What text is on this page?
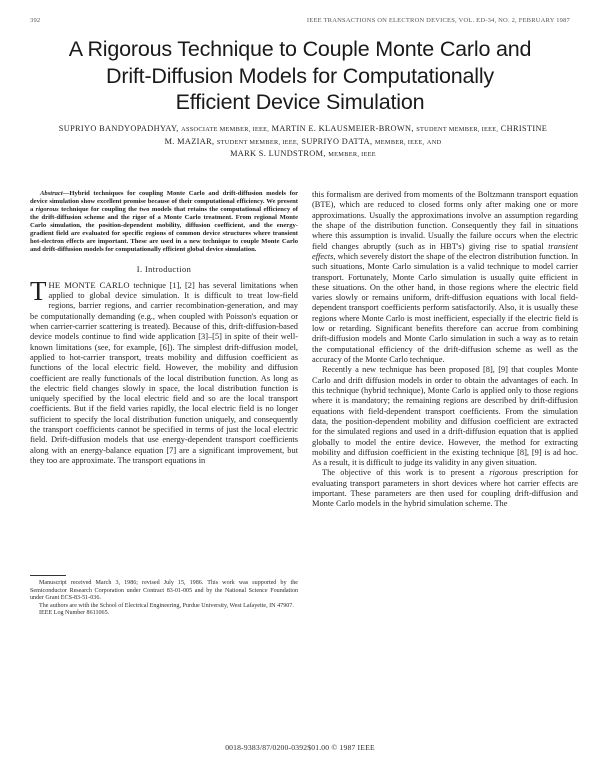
392	IEEE TRANSACTIONS ON ELECTRON DEVICES, VOL. ED-34, NO. 2, FEBRUARY 1987
A Rigorous Technique to Couple Monte Carlo and
Drift-Diffusion Models for Computationally
Efficient Device Simulation
SUPRIYO BANDYOPADHYAY, ASSOCIATE MEMBER, IEEE, MARTIN E. KLAUSMEIER-BROWN, STUDENT MEMBER, IEEE, CHRISTINE M. MAZIAR, STUDENT MEMBER, IEEE, SUPRIYO DATTA, MEMBER, IEEE, AND
MARK S. LUNDSTROM, MEMBER, IEEE

Abstract—Hybrid techniques for coupling Monte Carlo and drift-diffusion models for device simulation show excellent promise because of their computational efficiency. We present a rigorous technique for coupling the two models that retains the computational efficiency of the drift-diffusion scheme and the rigor of a Monte Carlo treatment. From regional Monte Carlo simulation, the position-dependent mobility, diffusion coefficient, and the energy-gradient field are evaluated for specific regions of common device structures where transient hot-electron effects are important. These are used in a new technique to couple Monte Carlo and drift-diffusion models for computationally efficient global device simulation.

I. Introduction

THE MONTE CARLO technique [1], [2] has several limitations when applied to global device simulation. It is difficult to treat low-field regions, barrier regions, and carrier recombination-generation, and may be computationally demanding (e.g., when coupled with Poisson's equation or when carrier-carrier scattering is treated). Because of this, drift-diffusion-based device models continue to find wide application [3]–[5] in spite of their well-known limitations (see, for example, [6]). The simplest drift-diffusion model, applied to hot-carrier transport, treats mobility and diffusion coefficient as functions of the local electric field. However, the mobility and diffusion coefficient are really functionals of the local distribution function. As long as the electric field changes slowly in space, the local distribution function is uniquely specified by the local electric field and so are the local transport coefficients. But if the field varies rapidly, the local electric field is no longer sufficient to specify the local distribution function uniquely, and consequently the transport coefficients cannot be specified in terms of just the local electric field. Drift-diffusion models that use energy-dependent transport coefficients along with an energy-balance equation [7] are a significant improvement, but they too are approximate. The transport equations in

Manuscript received March 3, 1986; revised July 15, 1986. This work was supported by the Semiconductor Research Corporation under Contract 83-01-005 and by the National Science Foundation under Grant ECS-83-51-036.

The authors are with the School of Electrical Engineering, Purdue University, West Lafayette, IN 47907.

IEEE Log Number 8611065.

this formalism are derived from moments of the Boltzmann transport equation (BTE), which are reduced to closed forms only after making one or more approximations. Usually the approximations involve an assumption regarding the shape of the distribution function. Consequently they fail in situations where this assumption is invalid. Usually the failure occurs when the electric field changes abruptly (such as in HBT's) giving rise to spatial transient effects, which severely distort the shape of the electron distribution function. In such situations, Monte Carlo simulation is a valid technique to model carrier transport. Fortunately, Monte Carlo simulation is usually quite efficient in these situations. On the other hand, in those regions where the electric field varies slowly or remains uniform, drift-diffusion equations with local field-dependent transport coefficients perform satisfactorily. Also, it is usually these regions where Monte Carlo is most inefficient, especially if the electric field is low or retarding. Significant benefits therefore can accrue from combining drift-diffusion models and Monte Carlo simulation in such a way as to retain the computational efficiency of the drift-diffusion scheme as well as the accuracy of the Monte Carlo technique.

Recently a new technique has been proposed [8], [9] that couples Monte Carlo and drift diffusion models in order to obtain the advantages of each. In this technique (hybrid technique), Monte Carlo is applied only to those regions where it is mandatory; the remaining regions are described by drift-diffusion equations with field-dependent transport coefficients. From the simulation data, the position-dependent mobility and diffusion coefficient are extracted for the simulated regions and used in a drift-diffusion equation that is applied globally to model the entire device. However, the method for extracting mobility and diffusion coefficient in the existing technique [8], [9] is ad hoc. As a result, it is difficult to judge its validity in any given situation.

The objective of this work is to present a rigorous prescription for evaluating transport parameters in short devices where hot carrier effects are important. These parameters are then used for coupling drift-diffusion and Monte Carlo models in the hybrid simulation scheme. The

0018-9383/87/0200-0392$01.00 © 1987 IEEE
